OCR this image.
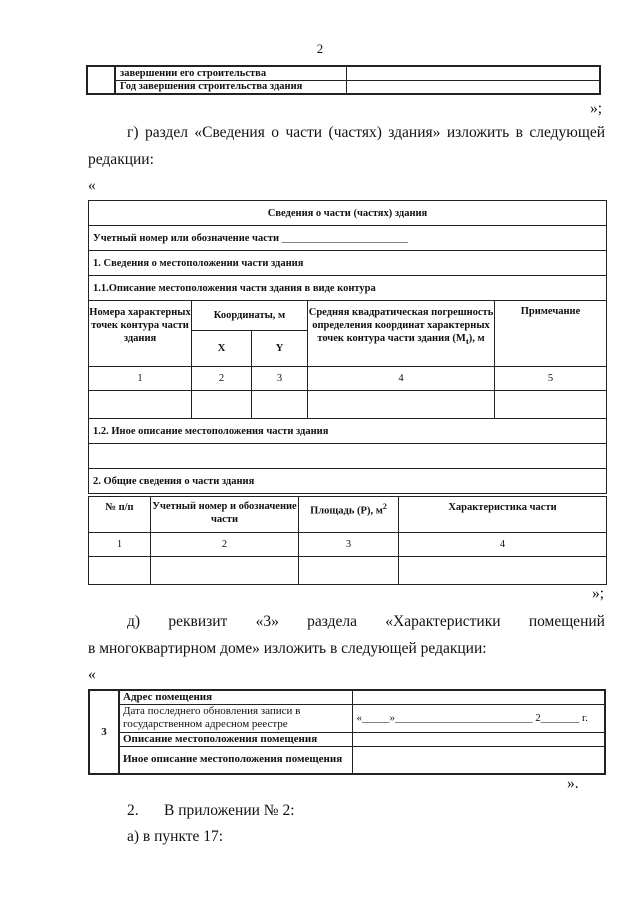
2
	завершении его строительства	
	Год завершения строительства здания	
»;
г) раздел «Сведения о части (частях) здания» изложить в следующей
редакции:
«
Сведения о части (частях) здания				
Учетный номер или обозначение части ________________________				
1. Сведения о местоположении части здания				
1.1.Описание местоположения части здания в виде контура				
Номера характерных точек контура части здания	Координаты, м		Средняя квадратическая погрешность определения координат характерных точек контура части здания $(M_t)$, м	Примечание
	X	Y		
1	2	3	4	5

1.2. Иное описание местоположения части здания				

2. Общие сведения о части здания				
№ п/п	Учетный номер и обозначение части	Площадь (P), $м^2$	Характеристика части
1	2	3	4

»;
д) реквизит «3» раздела «Характеристики помещений
в многоквартирном доме» изложить в следующей редакции:
«
3	Адрес помещения	
	Дата последнего обновления записи в государственном адресном реестре	«_____»_________________________ 2_______ г.
	Описание местоположения помещения	
	Иное описание местоположения помещения	
».
2. В приложении № 2:
а) в пункте 17:
